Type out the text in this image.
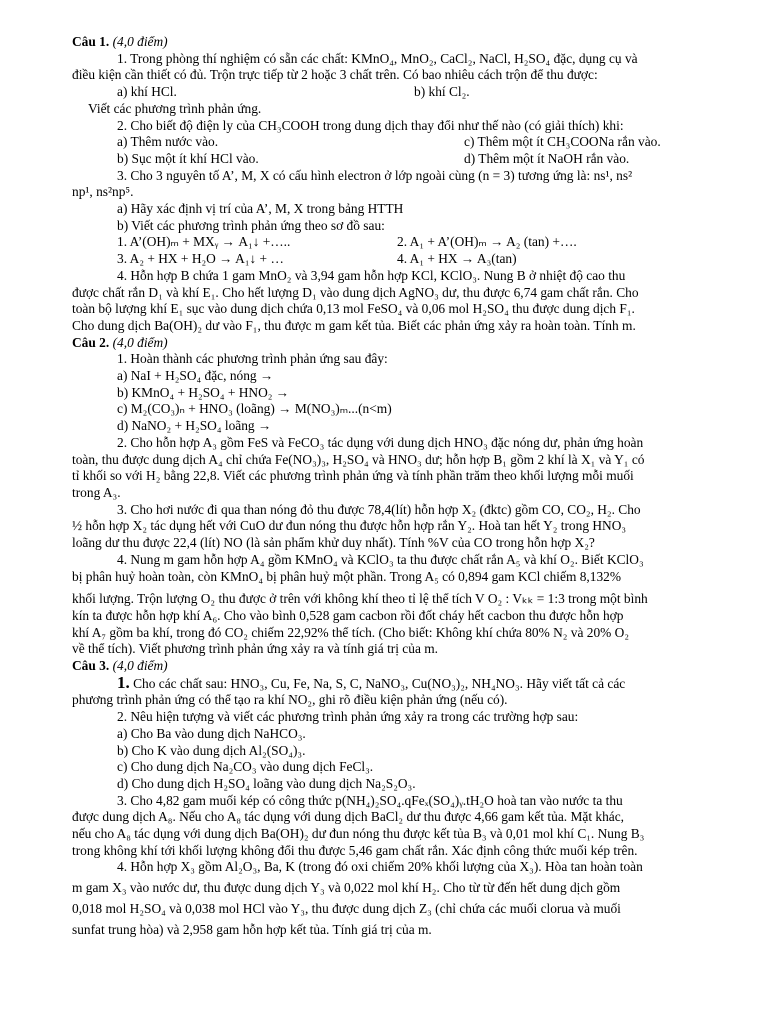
Câu 1. (4,0 điểm)
1. Trong phòng thí nghiệm có sẵn các chất: KMnO₄, MnO₂, CaCl₂, NaCl, H₂SO₄ đặc, dụng cụ và
điều kiện cần thiết có đủ. Trộn trực tiếp từ 2 hoặc 3 chất trên. Có bao nhiêu cách trộn để thu được:
a) khí HCl.	b) khí Cl₂.
Viết các phương trình phản ứng.
2. Cho biết độ điện ly của CH₃COOH trong dung dịch thay đổi như thế nào (có giải thích) khi:
a) Thêm nước vào.	c) Thêm một ít CH₃COONa rắn vào.
b) Sục một ít khí HCl vào.	d) Thêm một ít NaOH rắn vào.
3. Cho 3 nguyên tố A’, M, X có cấu hình electron ở lớp ngoài cùng (n = 3) tương ứng là: ns¹, ns²
np¹, ns²np⁵.
a) Hãy xác định vị trí của A’, M, X trong bảng HTTH
b) Viết các phương trình phản ứng theo sơ đồ sau:
1. A’(OH)ₘ + MXᵧ → A₁↓ +…..	2. A₁ + A’(OH)ₘ → A₂ (tan) +….
3. A₂ + HX + H₂O → A₁↓ + …	4. A₁ + HX → A₃(tan)
4. Hỗn hợp B chứa 1 gam MnO₂ và 3,94 gam hỗn hợp KCl, KClO₃. Nung B ở nhiệt độ cao thu
được chất rắn D₁ và khí E₁. Cho hết lượng D₁ vào dung dịch AgNO₃ dư, thu được 6,74 gam chất rắn. Cho
toàn bộ lượng khí E₁ sục vào dung dịch chứa 0,13 mol FeSO₄ và 0,06 mol H₂SO₄ thu được dung dịch F₁.
Cho dung dịch Ba(OH)₂ dư vào F₁, thu được m gam kết tủa. Biết các phản ứng xảy ra hoàn toàn. Tính m.
Câu 2. (4,0 điểm)
1. Hoàn thành các phương trình phản ứng sau đây:
a) NaI + H₂SO₄ đặc, nóng →
b) KMnO₄ + H₂SO₄ + HNO₂ →
c) M₂(CO₃)ₙ + HNO₃ (loãng) → M(NO₃)ₘ...(n<m)
d) NaNO₂ + H₂SO₄ loãng →
2. Cho hỗn hợp A₃ gồm FeS và FeCO₃ tác dụng với dung dịch HNO₃ đặc nóng dư, phản ứng hoàn
toàn, thu được dung dịch A₄ chỉ chứa Fe(NO₃)₃, H₂SO₄ và HNO₃ dư; hỗn hợp B₁ gồm 2 khí là X₁ và Y₁ có
tỉ khối so với H₂ bằng 22,8. Viết các phương trình phản ứng và tính phần trăm theo khối lượng mỗi muối
trong A₃.
3. Cho hơi nước đi qua than nóng đỏ thu được 78,4(lít) hỗn hợp X₂ (đktc) gồm CO, CO₂, H₂. Cho
½ hỗn hợp X₂ tác dụng hết với CuO dư đun nóng thu được hỗn hợp rắn Y₂. Hoà tan hết Y₂ trong HNO₃
loãng dư thu được 22,4 (lít) NO (là sản phẩm khử duy nhất). Tính %V của CO trong hỗn hợp X₂?
4. Nung m gam hỗn hợp A₄ gồm KMnO₄ và KClO₃ ta thu được chất rắn A₅ và khí O₂. Biết KClO₃
bị phân huỷ hoàn toàn, còn KMnO₄ bị phân huỷ một phần. Trong A₅ có 0,894 gam KCl chiếm 8,132%
khối lượng. Trộn lượng O₂ thu được ở trên với không khí theo tỉ lệ thể tích V O₂ : Vₖₖ = 1:3 trong một bình
kín ta được hỗn hợp khí A₆. Cho vào bình 0,528 gam cacbon rồi đốt cháy hết cacbon thu được hỗn hợp
khí A₇ gồm ba khí, trong đó CO₂ chiếm 22,92% thể tích. (Cho biết: Không khí chứa 80% N₂ và 20% O₂
về thể tích). Viết phương trình phản ứng xảy ra và tính giá trị của m.
Câu 3. (4,0 điểm)
1. Cho các chất sau: HNO₃, Cu, Fe, Na, S, C, NaNO₃, Cu(NO₃)₂, NH₄NO₃. Hãy viết tất cả các
phương trình phản ứng có thể tạo ra khí NO₂, ghi rõ điều kiện phản ứng (nếu có).
2. Nêu hiện tượng và viết các phương trình phản ứng xảy ra trong các trường hợp sau:
a) Cho Ba vào dung dịch NaHCO₃.
b) Cho K vào dung dịch Al₂(SO₄)₃.
c) Cho dung dịch Na₂CO₃ vào dung dịch FeCl₃.
d) Cho dung dịch H₂SO₄ loãng vào dung dịch Na₂S₂O₃.
3. Cho 4,82 gam muối kép có công thức p(NH₄)₂SO₄.qFeₓ(SO₄)ᵧ.tH₂O hoà tan vào nước ta thu
được dung dịch A₈. Nếu cho A₈ tác dụng với dung dịch BaCl₂ dư thu được 4,66 gam kết tủa. Mặt khác,
nếu cho A₈ tác dụng với dung dịch Ba(OH)₂ dư đun nóng thu được kết tủa B₃ và 0,01 mol khí C₁. Nung B₃
trong không khí tới khối lượng không đổi thu được 5,46 gam chất rắn. Xác định công thức muối kép trên.
4. Hỗn hợp X₃ gồm Al₂O₃, Ba, K (trong đó oxi chiếm 20% khối lượng của X₃). Hòa tan hoàn toàn
m gam X₃ vào nước dư, thu được dung dịch Y₃ và 0,022 mol khí H₂. Cho từ từ đến hết dung dịch gồm
0,018 mol H₂SO₄ và 0,038 mol HCl vào Y₃, thu được dung dịch Z₃ (chỉ chứa các muối clorua và muối
sunfat trung hòa) và 2,958 gam hỗn hợp kết tủa. Tính giá trị của m.
